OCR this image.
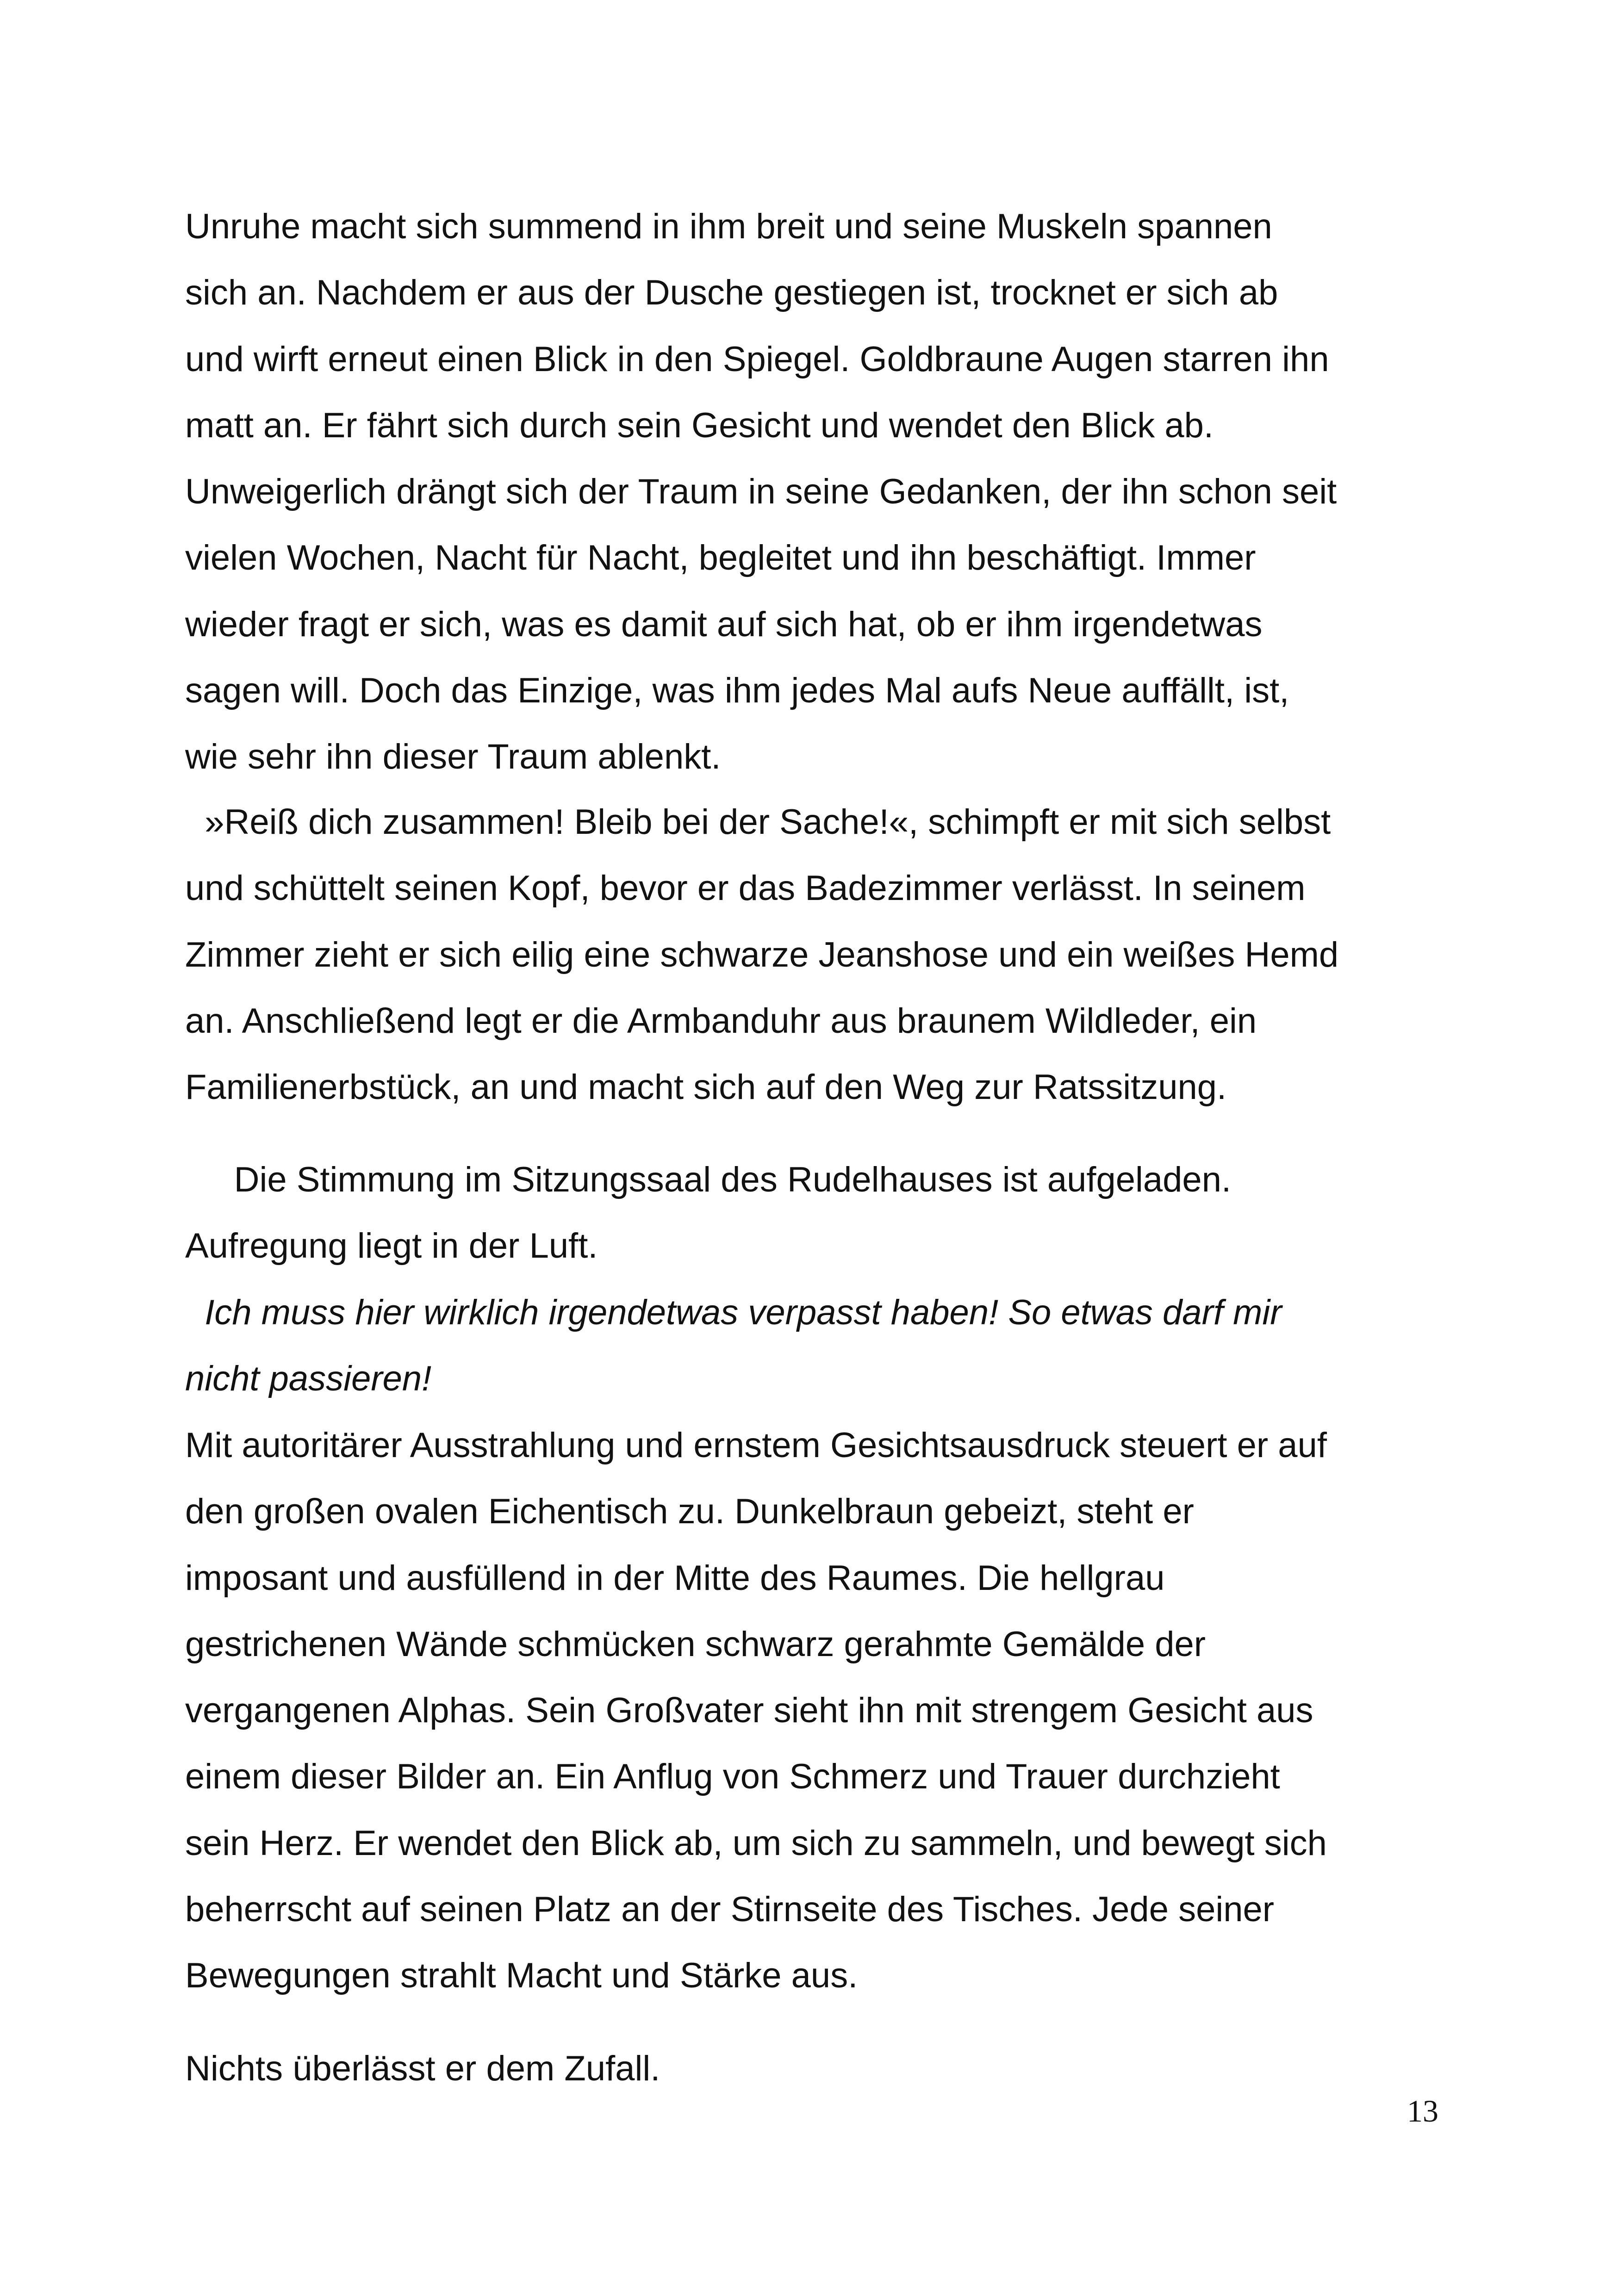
Unruhe macht sich summend in ihm breit und seine Muskeln spannen
sich an. Nachdem er aus der Dusche gestiegen ist, trocknet er sich ab
und wirft erneut einen Blick in den Spiegel. Goldbraune Augen starren ihn
matt an. Er fährt sich durch sein Gesicht und wendet den Blick ab.
Unweigerlich drängt sich der Traum in seine Gedanken, der ihn schon seit
vielen Wochen, Nacht für Nacht, begleitet und ihn beschäftigt. Immer
wieder fragt er sich, was es damit auf sich hat, ob er ihm irgendetwas
sagen will. Doch das Einzige, was ihm jedes Mal aufs Neue auffällt, ist,
wie sehr ihn dieser Traum ablenkt.

»Reiß dich zusammen! Bleib bei der Sache!«, schimpft er mit sich selbst
und schüttelt seinen Kopf, bevor er das Badezimmer verlässt. In seinem
Zimmer zieht er sich eilig eine schwarze Jeanshose und ein weißes Hemd
an. Anschließend legt er die Armbanduhr aus braunem Wildleder, ein
Familienerbstück, an und macht sich auf den Weg zur Ratssitzung.

Die Stimmung im Sitzungssaal des Rudelhauses ist aufgeladen.
Aufregung liegt in der Luft.

Ich muss hier wirklich irgendetwas verpasst haben! So etwas darf mir
nicht passieren!

Mit autoritärer Ausstrahlung und ernstem Gesichtsausdruck steuert er auf
den großen ovalen Eichentisch zu. Dunkelbraun gebeizt, steht er
imposant und ausfüllend in der Mitte des Raumes. Die hellgrau
gestrichenen Wände schmücken schwarz gerahmte Gemälde der
vergangenen Alphas. Sein Großvater sieht ihn mit strengem Gesicht aus
einem dieser Bilder an. Ein Anflug von Schmerz und Trauer durchzieht
sein Herz. Er wendet den Blick ab, um sich zu sammeln, und bewegt sich
beherrscht auf seinen Platz an der Stirnseite des Tisches. Jede seiner
Bewegungen strahlt Macht und Stärke aus.

Nichts überlässt er dem Zufall.

13
